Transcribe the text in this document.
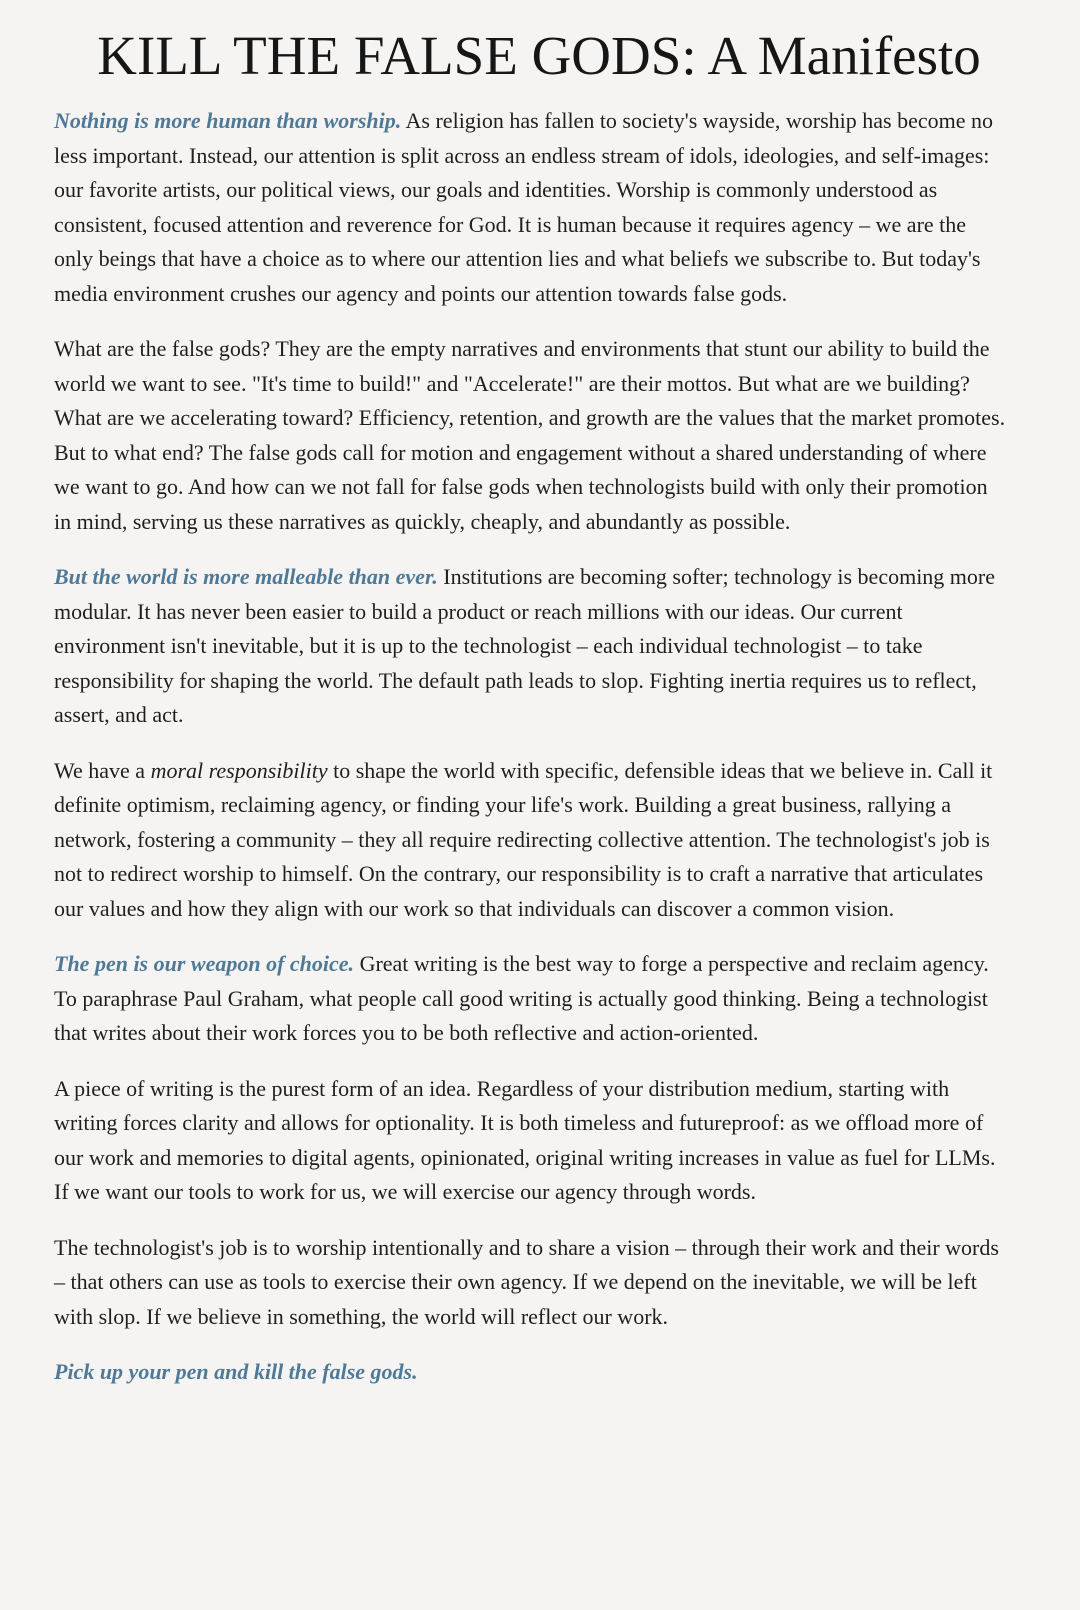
KILL THE FALSE GODS: A Manifesto

Nothing is more human than worship. As religion has fallen to society's wayside, worship has become no less important. Instead, our attention is split across an endless stream of idols, ideologies, and self-images: our favorite artists, our political views, our goals and identities. Worship is commonly understood as consistent, focused attention and reverence for God. It is human because it requires agency – we are the only beings that have a choice as to where our attention lies and what beliefs we subscribe to. But today's media environment crushes our agency and points our attention towards false gods.

What are the false gods? They are the empty narratives and environments that stunt our ability to build the world we want to see. "It's time to build!" and "Accelerate!" are their mottos. But what are we building? What are we accelerating toward? Efficiency, retention, and growth are the values that the market promotes. But to what end? The false gods call for motion and engagement without a shared understanding of where we want to go. And how can we not fall for false gods when technologists build with only their promotion in mind, serving us these narratives as quickly, cheaply, and abundantly as possible.

But the world is more malleable than ever. Institutions are becoming softer; technology is becoming more modular. It has never been easier to build a product or reach millions with our ideas. Our current environment isn't inevitable, but it is up to the technologist – each individual technologist – to take responsibility for shaping the world. The default path leads to slop. Fighting inertia requires us to reflect, assert, and act.

We have a moral responsibility to shape the world with specific, defensible ideas that we believe in. Call it definite optimism, reclaiming agency, or finding your life's work. Building a great business, rallying a network, fostering a community – they all require redirecting collective attention. The technologist's job is not to redirect worship to himself. On the contrary, our responsibility is to craft a narrative that articulates our values and how they align with our work so that individuals can discover a common vision.

The pen is our weapon of choice. Great writing is the best way to forge a perspective and reclaim agency. To paraphrase Paul Graham, what people call good writing is actually good thinking. Being a technologist that writes about their work forces you to be both reflective and action-oriented.

A piece of writing is the purest form of an idea. Regardless of your distribution medium, starting with writing forces clarity and allows for optionality. It is both timeless and futureproof: as we offload more of our work and memories to digital agents, opinionated, original writing increases in value as fuel for LLMs. If we want our tools to work for us, we will exercise our agency through words.

The technologist's job is to worship intentionally and to share a vision – through their work and their words – that others can use as tools to exercise their own agency. If we depend on the inevitable, we will be left with slop. If we believe in something, the world will reflect our work.

Pick up your pen and kill the false gods.
